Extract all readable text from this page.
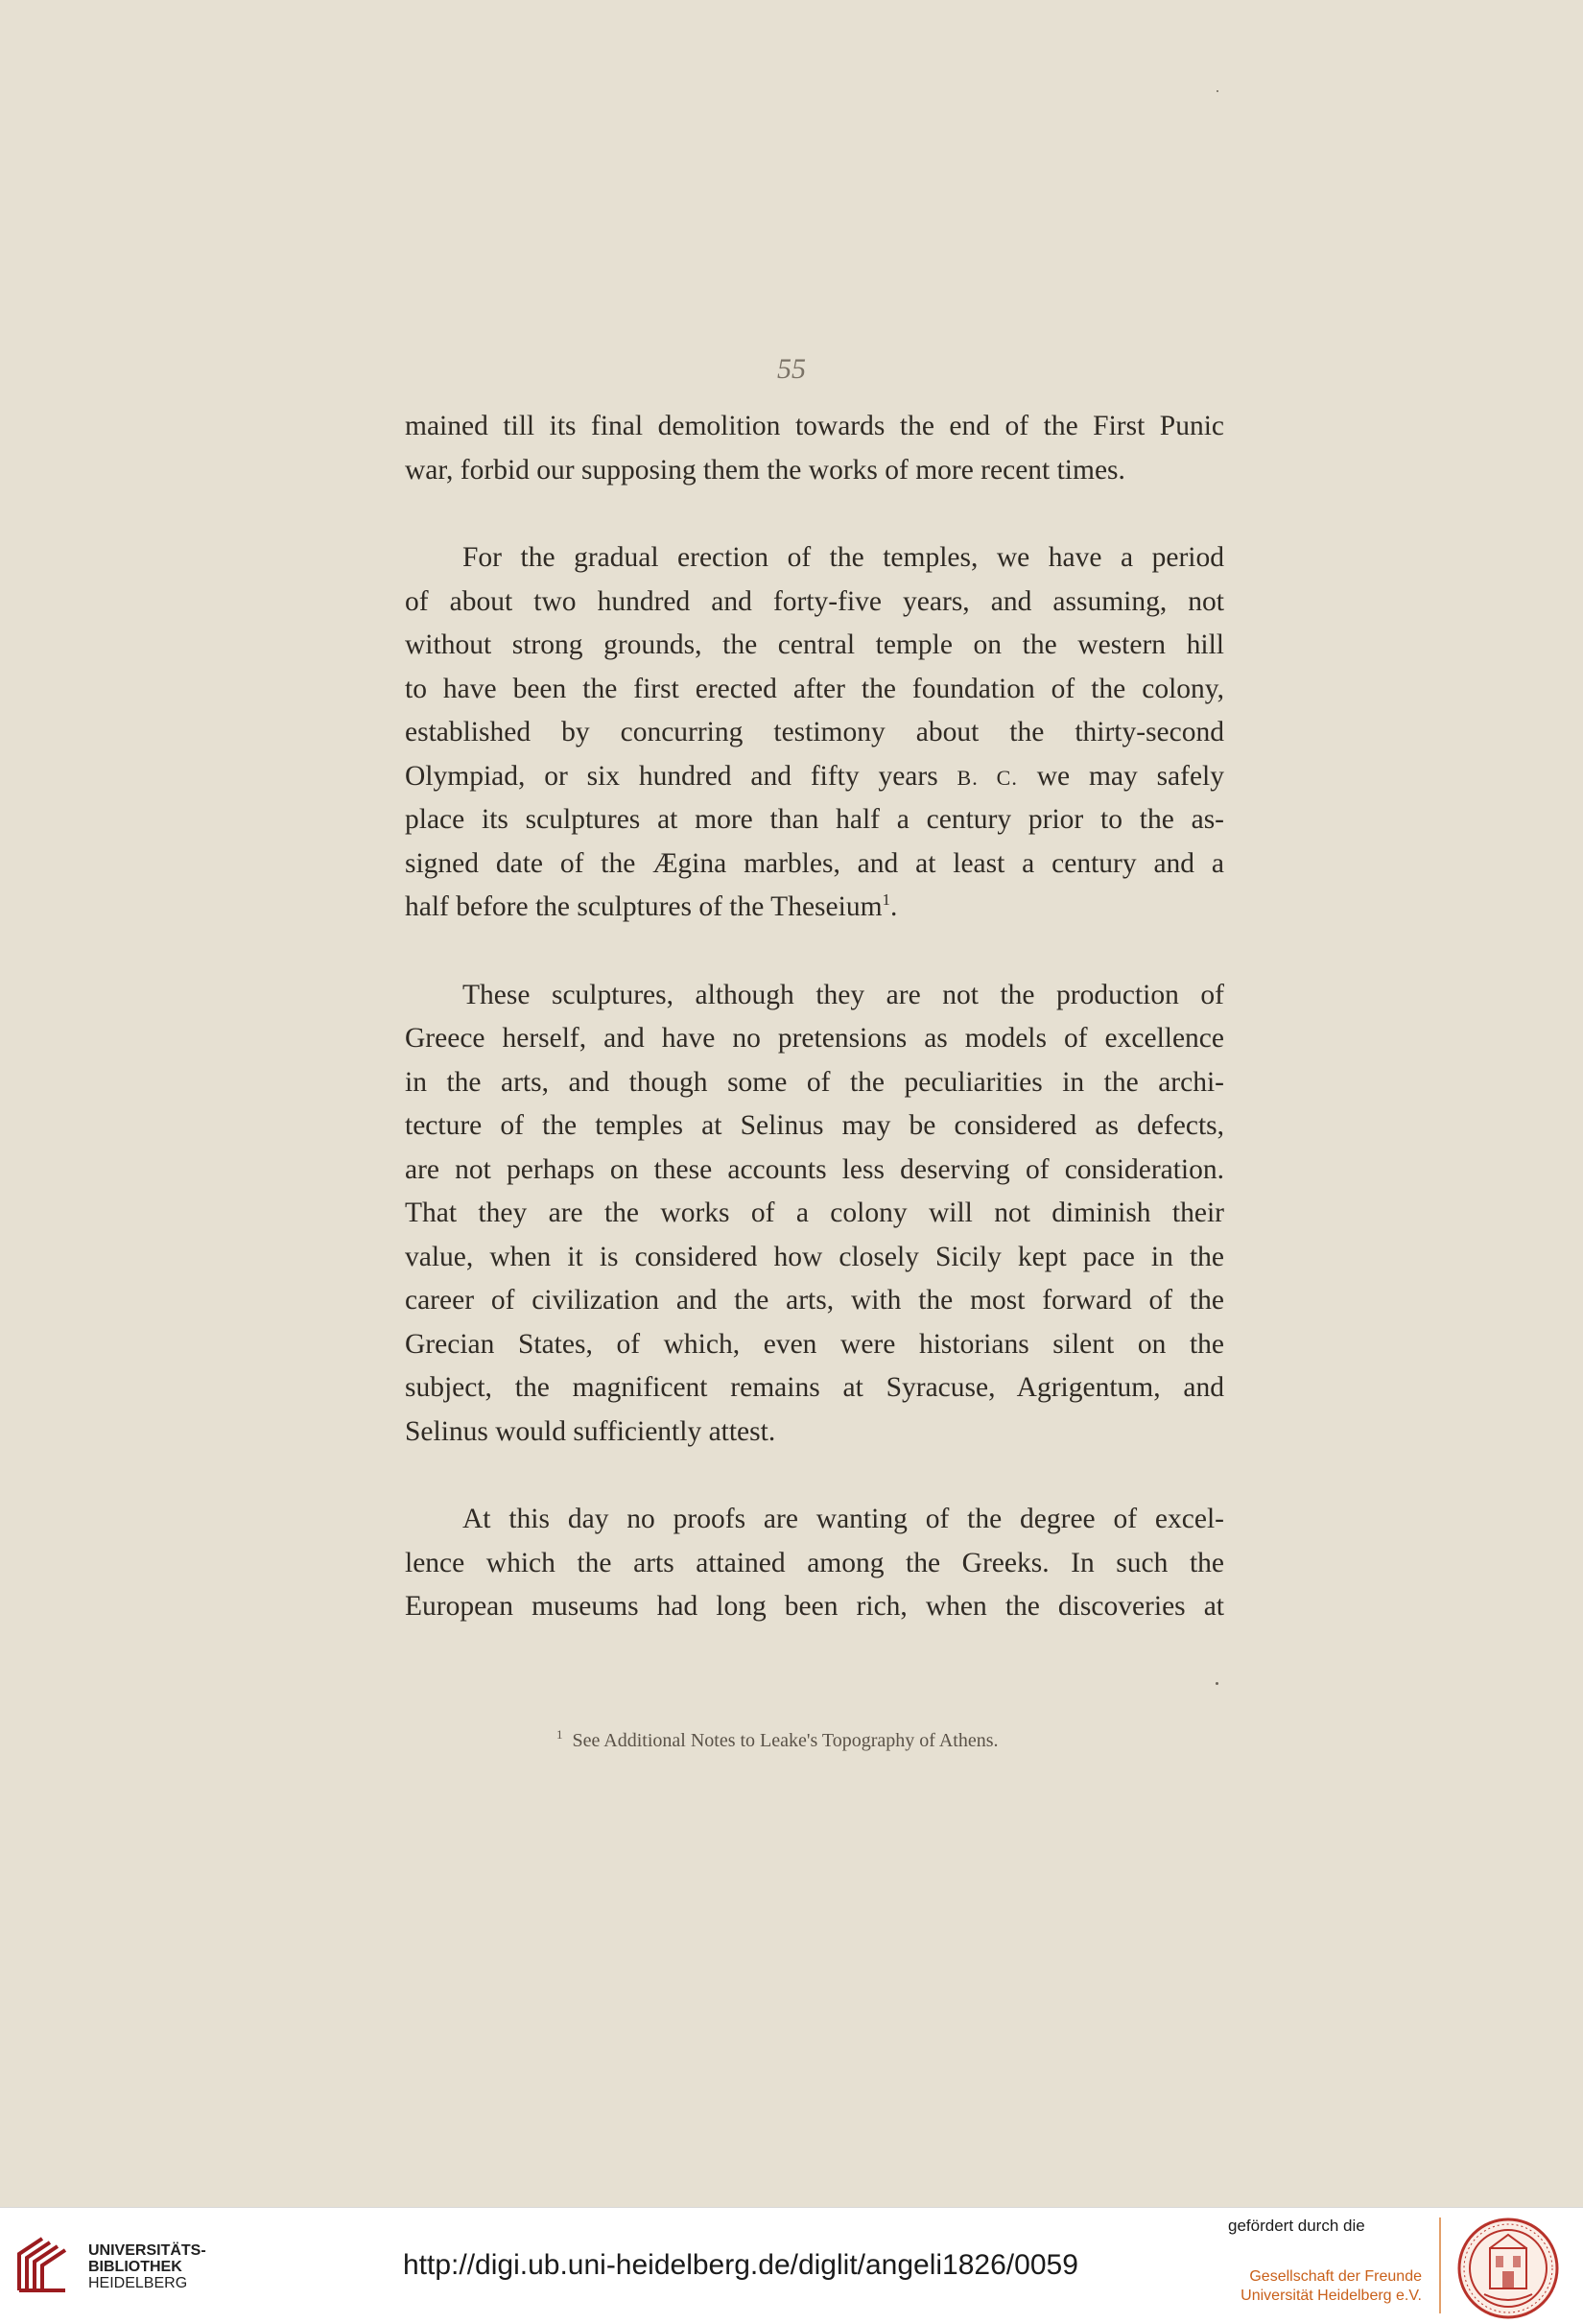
55
mained till its final demolition towards the end of the First Punic
war, forbid our supposing them the works of more recent times.
For the gradual erection of the temples, we have a period
of about two hundred and forty-five years, and assuming, not
without strong grounds, the central temple on the western hill
to have been the first erected after the foundation of the colony,
established by concurring testimony about the thirty-second
Olympiad, or six hundred and fifty years B. C. we may safely
place its sculptures at more than half a century prior to the as-
signed date of the Ægina marbles, and at least a century and a
half before the sculptures of the Theseium$^1$.
These sculptures, although they are not the production of
Greece herself, and have no pretensions as models of excellence
in the arts, and though some of the peculiarities in the archi-
tecture of the temples at Selinus may be considered as defects,
are not perhaps on these accounts less deserving of consideration.
That they are the works of a colony will not diminish their
value, when it is considered how closely Sicily kept pace in the
career of civilization and the arts, with the most forward of the
Grecian States, of which, even were historians silent on the
subject, the magnificent remains at Syracuse, Agrigentum, and
Selinus would sufficiently attest.
At this day no proofs are wanting of the degree of excel-
lence which the arts attained among the Greeks. In such the
European museums had long been rich, when the discoveries at
$^1$ See Additional Notes to Leake's Topography of Athens.
UNIVERSITÄTS-
BIBLIOTHEK
HEIDELBERG
http://digi.ub.uni-heidelberg.de/diglit/angeli1826/0059
gefördert durch die
Gesellschaft der Freunde
Universität Heidelberg e.V.
